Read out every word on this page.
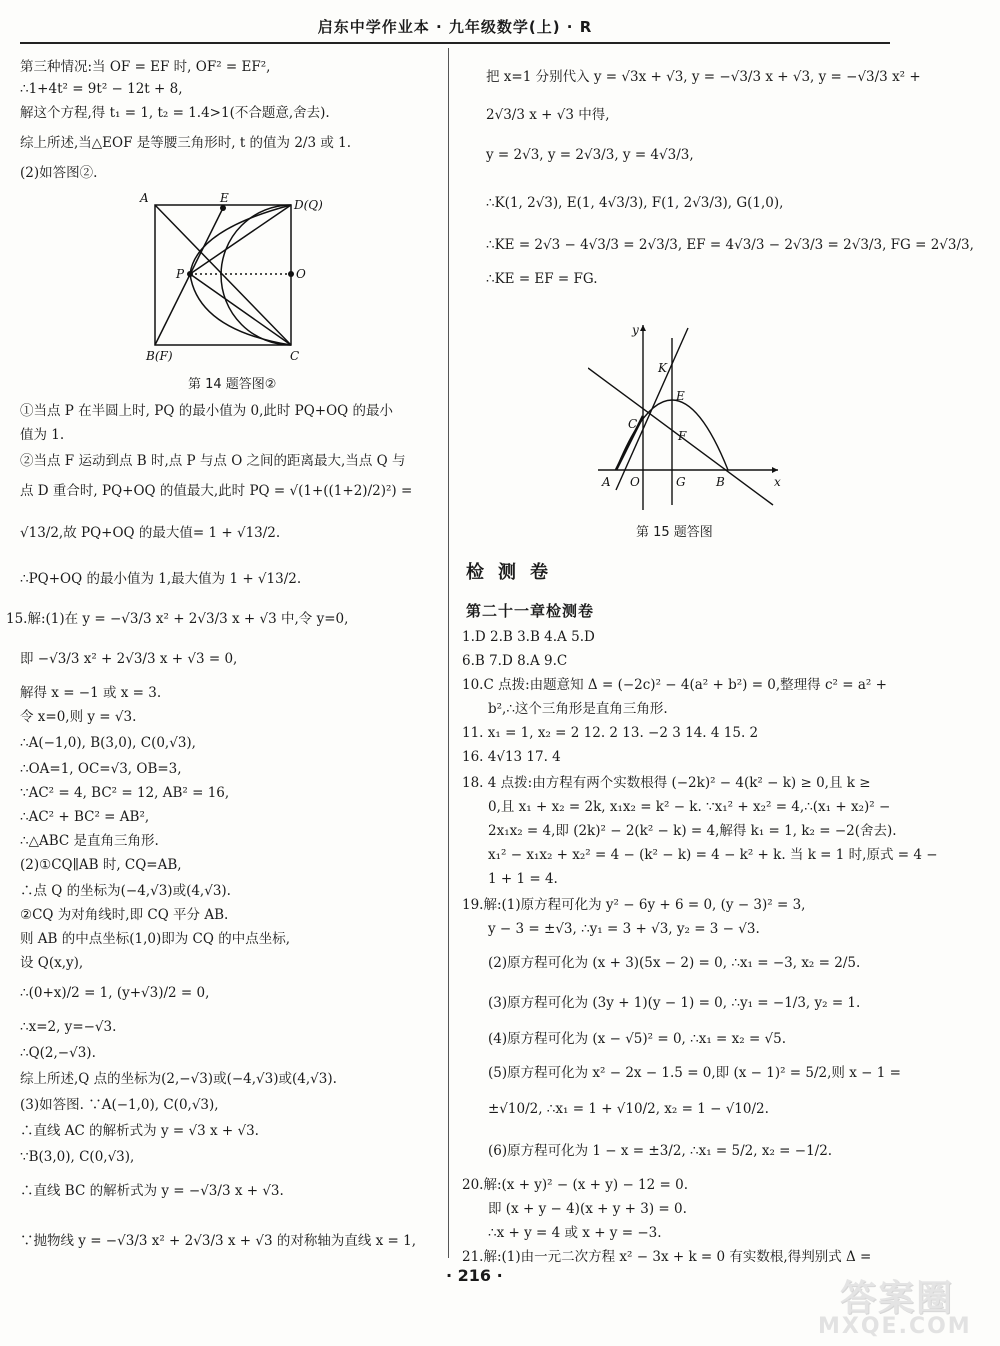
启东中学作业本 · 九年级数学(上) · R
第三种情况:当 OF = EF 时, OF² = EF²,
∴1+4t² = 9t² − 12t + 8,
解这个方程,得 t₁ = 1, t₂ = 1.4>1(不合题意,舍去).
综上所述,当△EOF 是等腰三角形时, t 的值为 2/3 或 1.
(2)如答图②.
A	E	D(Q)
P	O
B(F)	C
第 14 题答图②
①当点 P 在半圆上时, PQ 的最小值为 0,此时 PQ+OQ 的最小
值为 1.
②当点 F 运动到点 B 时,点 P 与点 O 之间的距离最大,当点 Q 与
点 D 重合时, PQ+OQ 的值最大,此时 PQ = √(1+((1+2)/2)²) =
√13/2,故 PQ+OQ 的最大值= 1 + √13/2.
∴PQ+OQ 的最小值为 1,最大值为 1 + √13/2.
15.解:(1)在 y = −√3/3 x² + 2√3/3 x + √3 中,令 y=0,
即 −√3/3 x² + 2√3/3 x + √3 = 0,
解得 x = −1 或 x = 3.
令 x=0,则 y = √3.
∴A(−1,0), B(3,0), C(0,√3),
∴OA=1, OC=√3, OB=3,
∵AC² = 4, BC² = 12, AB² = 16,
∴AC² + BC² = AB²,
∴△ABC 是直角三角形.
(2)①CQ∥AB 时, CQ=AB,
∴点 Q 的坐标为(−4,√3)或(4,√3).
②CQ 为对角线时,即 CQ 平分 AB.
则 AB 的中点坐标(1,0)即为 CQ 的中点坐标,
设 Q(x,y),
∴(0+x)/2 = 1, (y+√3)/2 = 0,
∴x=2, y=−√3.
∴Q(2,−√3).
综上所述,Q 点的坐标为(2,−√3)或(−4,√3)或(4,√3).
(3)如答图. ∵A(−1,0), C(0,√3),
∴直线 AC 的解析式为 y = √3 x + √3.
∵B(3,0), C(0,√3),
∴直线 BC 的解析式为 y = −√3/3 x + √3.
∵抛物线 y = −√3/3 x² + 2√3/3 x + √3 的对称轴为直线 x = 1,
把 x=1 分别代入 y = √3x + √3, y = −√3/3 x + √3, y = −√3/3 x² +
2√3/3 x + √3 中得,
y = 2√3, y = 2√3/3, y = 4√3/3,
∴K(1, 2√3), E(1, 4√3/3), F(1, 2√3/3), G(1,0),
∴KE = 2√3 − 4√3/3 = 2√3/3, EF = 4√3/3 − 2√3/3 = 2√3/3, FG = 2√3/3,
∴KE = EF = FG.
y
K
E
C
F
A O	G	B	x
第 15 题答图
检测卷
第二十一章检测卷
1.D 2.B 3.B 4.A 5.D
6.B 7.D 8.A 9.C
10.C 点拨:由题意知 Δ = (−2c)² − 4(a² + b²) = 0,整理得 c² = a² +
b²,∴这个三角形是直角三角形.
11. x₁ = 1, x₂ = 2 12. 2 13. −2 3 14. 4 15. 2
16. 4√13 17. 4
18. 4 点拨:由方程有两个实数根得 (−2k)² − 4(k² − k) ≥ 0,且 k ≥
0,且 x₁ + x₂ = 2k, x₁x₂ = k² − k. ∵x₁² + x₂² = 4,∴(x₁ + x₂)² −
2x₁x₂ = 4,即 (2k)² − 2(k² − k) = 4,解得 k₁ = 1, k₂ = −2(舍去).
x₁² − x₁x₂ + x₂² = 4 − (k² − k) = 4 − k² + k. 当 k = 1 时,原式 = 4 −
1 + 1 = 4.
19.解:(1)原方程可化为 y² − 6y + 6 = 0, (y − 3)² = 3,
y − 3 = ±√3, ∴y₁ = 3 + √3, y₂ = 3 − √3.
(2)原方程可化为 (x + 3)(5x − 2) = 0, ∴x₁ = −3, x₂ = 2/5.
(3)原方程可化为 (3y + 1)(y − 1) = 0, ∴y₁ = −1/3, y₂ = 1.
(4)原方程可化为 (x − √5)² = 0, ∴x₁ = x₂ = √5.
(5)原方程可化为 x² − 2x − 1.5 = 0,即 (x − 1)² = 5/2,则 x − 1 =
±√10/2, ∴x₁ = 1 + √10/2, x₂ = 1 − √10/2.
(6)原方程可化为 1 − x = ±3/2, ∴x₁ = 5/2, x₂ = −1/2.
20.解:(x + y)² − (x + y) − 12 = 0.
即 (x + y − 4)(x + y + 3) = 0.
∴x + y = 4 或 x + y = −3.
21.解:(1)由一元二次方程 x² − 3x + k = 0 有实数根,得判别式 Δ =
· 216 ·
答案圈
MXQE.COM
